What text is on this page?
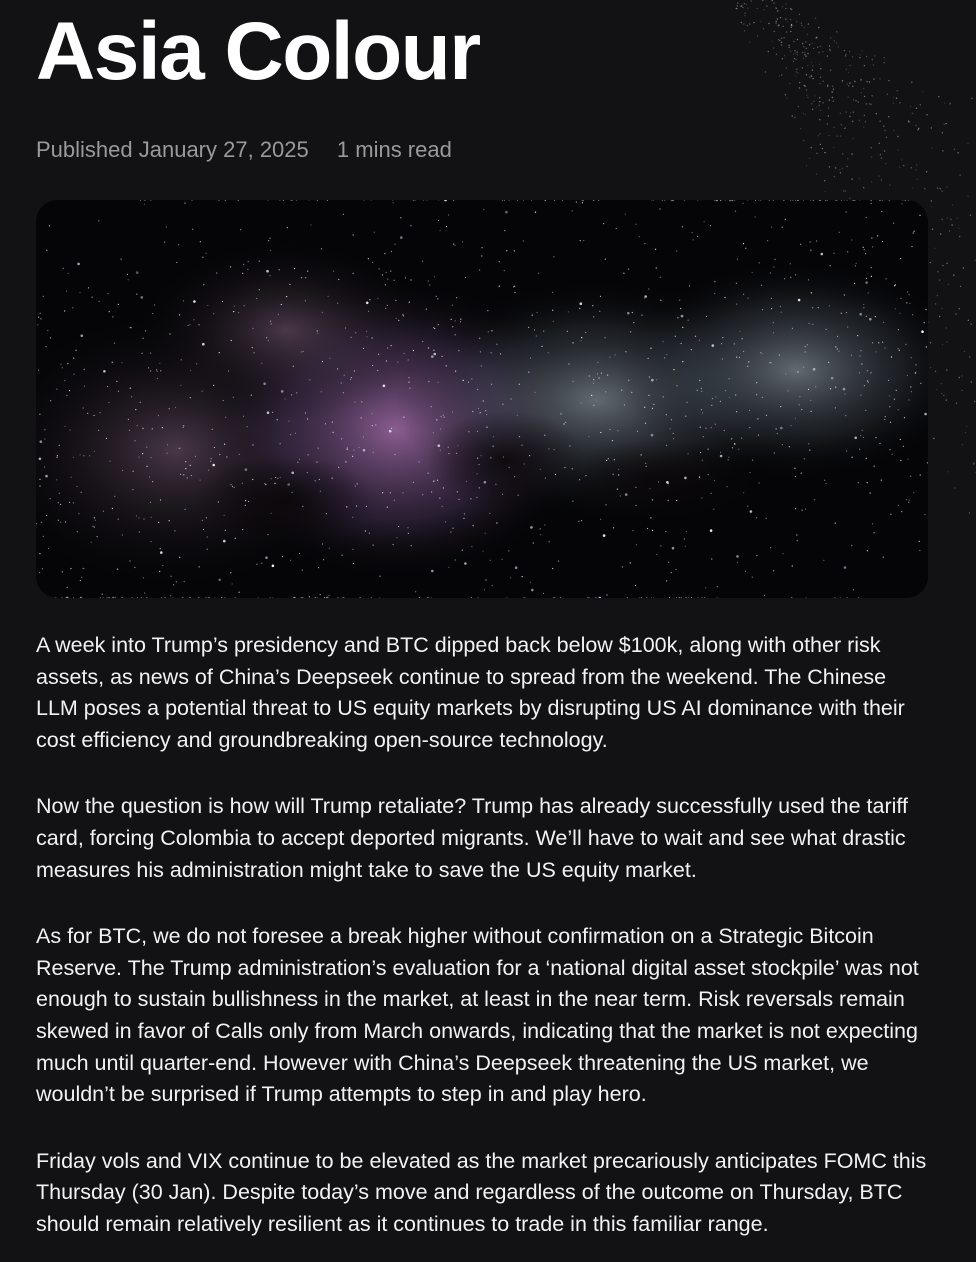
Asia Colour
Published January 27, 2025 1 mins read

A week into Trump’s presidency and BTC dipped back below $100k, along with other risk assets, as news of China’s Deepseek continue to spread from the weekend. The Chinese LLM poses a potential threat to US equity markets by disrupting US AI dominance with their cost efficiency and groundbreaking open-source technology.

Now the question is how will Trump retaliate? Trump has already successfully used the tariff card, forcing Colombia to accept deported migrants. We’ll have to wait and see what drastic measures his administration might take to save the US equity market.

As for BTC, we do not foresee a break higher without confirmation on a Strategic Bitcoin Reserve. The Trump administration’s evaluation for a ‘national digital asset stockpile’ was not enough to sustain bullishness in the market, at least in the near term. Risk reversals remain skewed in favor of Calls only from March onwards, indicating that the market is not expecting much until quarter-end. However with China’s Deepseek threatening the US market, we wouldn’t be surprised if Trump attempts to step in and play hero.

Friday vols and VIX continue to be elevated as the market precariously anticipates FOMC this Thursday (30 Jan). Despite today’s move and regardless of the outcome on Thursday, BTC should remain relatively resilient as it continues to trade in this familiar range.
